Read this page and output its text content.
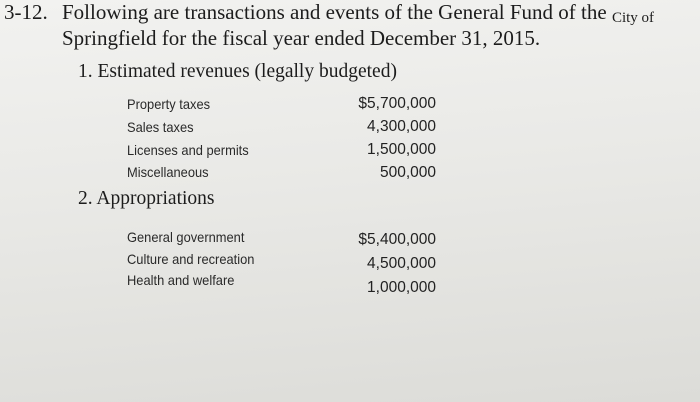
3-12. Following are transactions and events of the General Fund of the City of
Springfield for the fiscal year ended December 31, 2015.
1. Estimated revenues (legally budgeted)
Property taxes	$5,700,000
Sales taxes	4,300,000
Licenses and permits	1,500,000
Miscellaneous	500,000
2. Appropriations
General government	$5,400,000
Culture and recreation	4,500,000
Health and welfare	1,000,000
